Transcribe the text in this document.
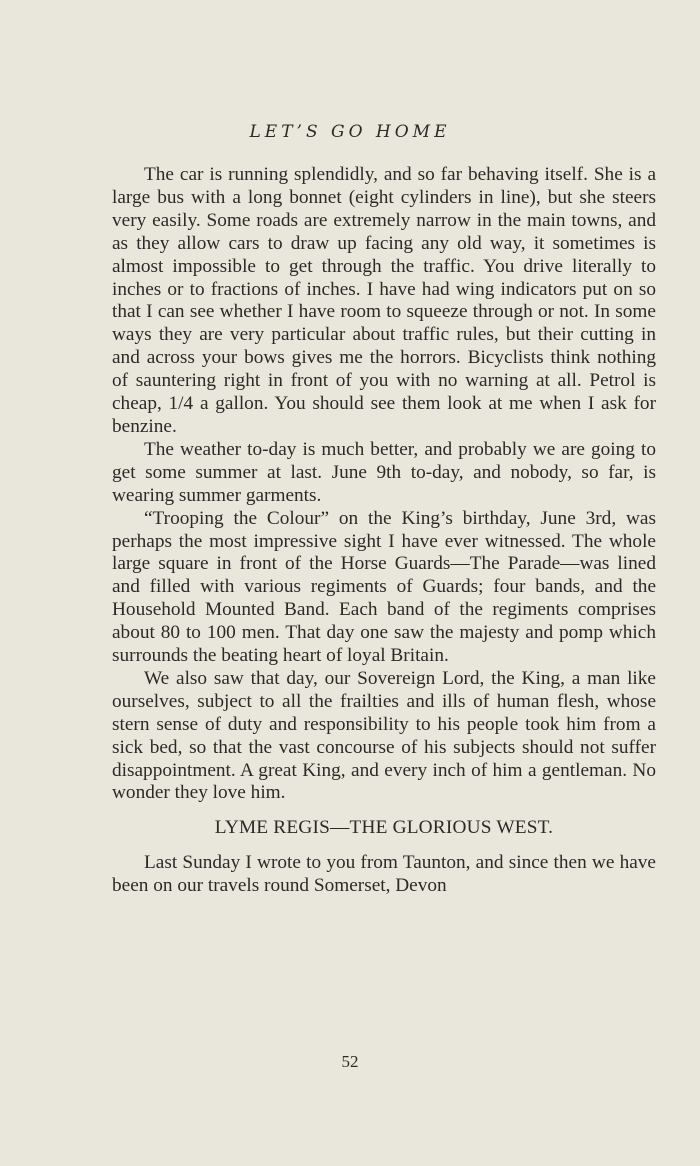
LET’S GO HOME

The car is running splendidly, and so far behaving itself. She is a large bus with a long bonnet (eight cylinders in line), but she steers very easily. Some roads are extremely narrow in the main towns, and as they allow cars to draw up facing any old way, it sometimes is almost impossible to get through the traffic. You drive literally to inches or to fractions of inches. I have had wing indicators put on so that I can see whether I have room to squeeze through or not. In some ways they are very particular about traffic rules, but their cutting in and across your bows gives me the horrors. Bicyclists think nothing of sauntering right in front of you with no warning at all. Petrol is cheap, 1/4 a gallon. You should see them look at me when I ask for benzine.

The weather to-day is much better, and probably we are going to get some summer at last. June 9th to-day, and nobody, so far, is wearing summer garments.

“Trooping the Colour” on the King’s birthday, June 3rd, was perhaps the most impressive sight I have ever witnessed. The whole large square in front of the Horse Guards—The Parade—was lined and filled with various regiments of Guards; four bands, and the Household Mounted Band. Each band of the regiments comprises about 80 to 100 men. That day one saw the majesty and pomp which surrounds the beating heart of loyal Britain.

We also saw that day, our Sovereign Lord, the King, a man like ourselves, subject to all the frailties and ills of human flesh, whose stern sense of duty and responsibility to his people took him from a sick bed, so that the vast concourse of his subjects should not suffer disappointment. A great King, and every inch of him a gentleman. No wonder they love him.

LYME REGIS—THE GLORIOUS WEST.

Last Sunday I wrote to you from Taunton, and since then we have been on our travels round Somerset, Devon

52
